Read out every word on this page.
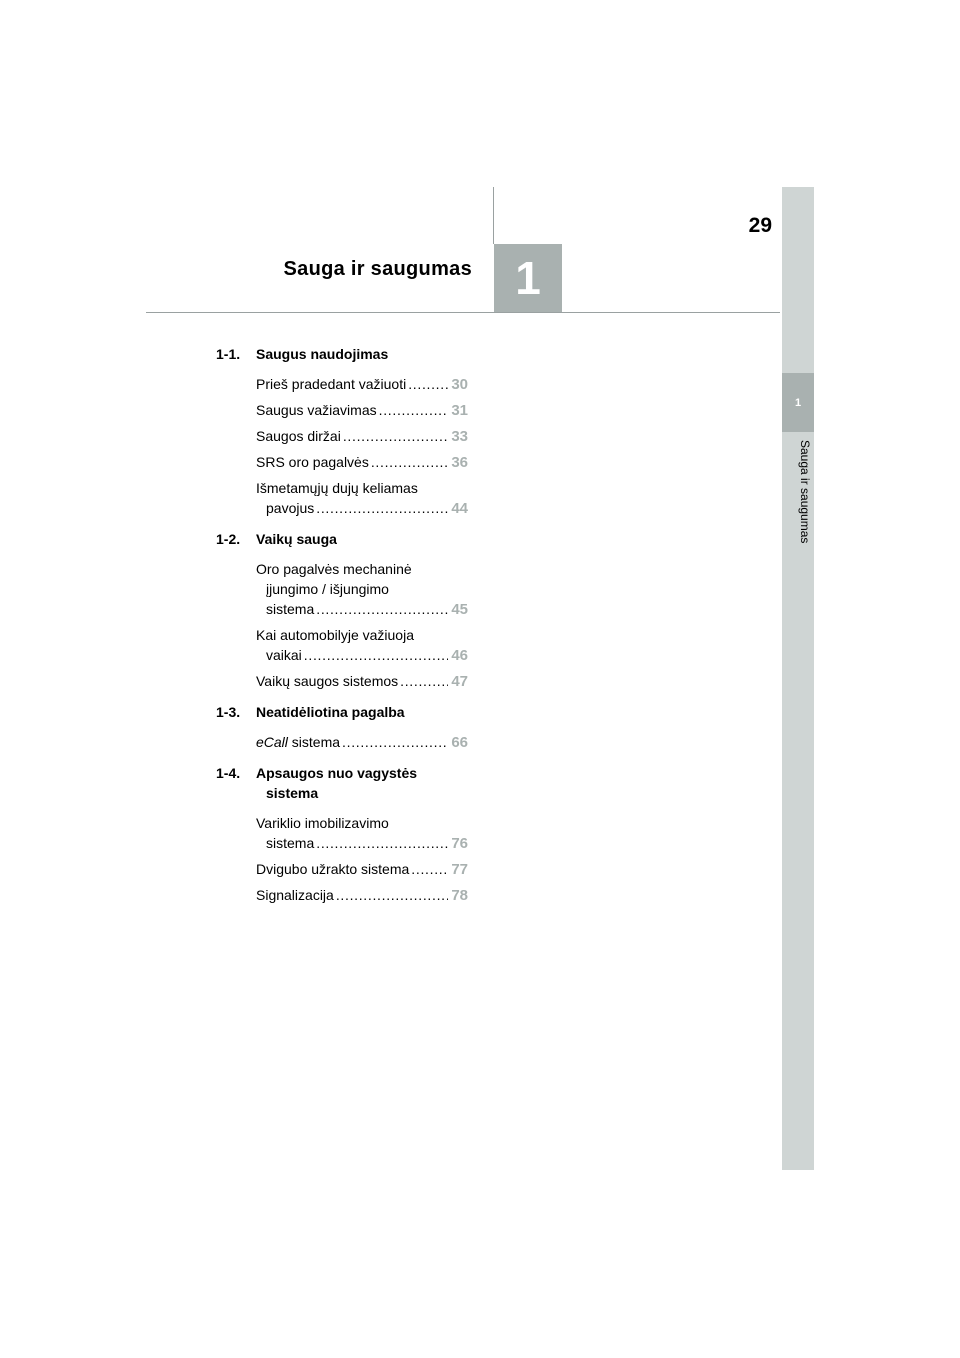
29
Sauga ir saugumas 1
1
Sauga ir saugumas
1-1.	Saugus naudojimas
Prieš pradedant važiuoti . . .	30
Saugus važiavimas . . .	31
Saugos diržai . . .	33
SRS oro pagalvės . . .	36
Išmetamųjų dujų keliamas
pavojus . . .	44
1-2.	Vaikų sauga
Oro pagalvės mechaninė
įjungimo / išjungimo
sistema . . .	45
Kai automobilyje važiuoja
vaikai . . .	46
Vaikų saugos sistemos . . .	47
1-3.	Neatidėliotina pagalba
eCall sistema . . .	66
1-4.	Apsaugos nuo vagystės
sistema
Variklio imobilizavimo
sistema . . .	76
Dvigubo užrakto sistema . . .	77
Signalizacija . . .	78
